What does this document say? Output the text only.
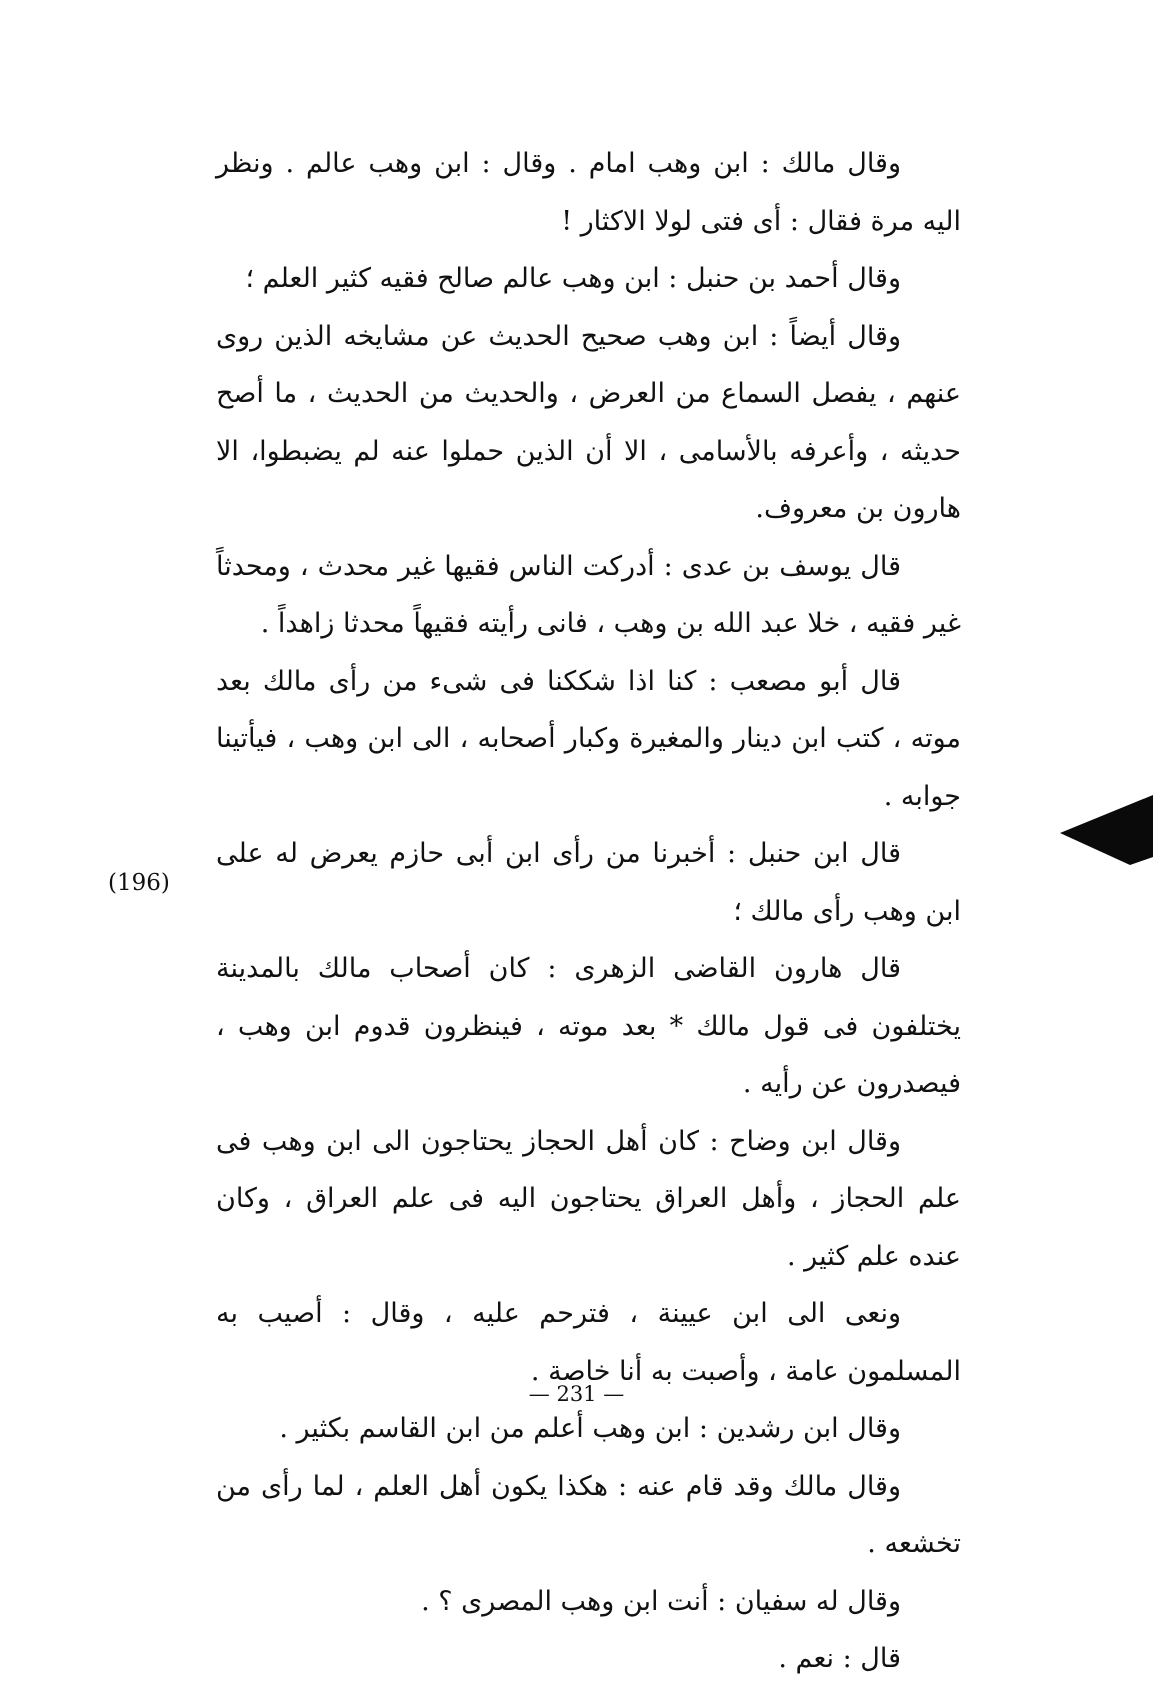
وقال مالك : ابن وهب امام . وقال : ابن وهب عالم . ونظر اليه مرة فقال : أى فتى لولا الاكثار !

وقال أحمد بن حنبل : ابن وهب عالم صالح فقيه كثير العلم ؛

وقال أيضاً : ابن وهب صحيح الحديث عن مشايخه الذين روى عنهم ، يفصل السماع من العرض ، والحديث من الحديث ، ما أصح حديثه ، وأعرفه بالأسامى ، الا أن الذين حملوا عنه لم يضبطوا، الا هارون بن معروف.

قال يوسف بن عدى : أدركت الناس فقيها غير محدث ، ومحدثاً غير فقيه ، خلا عبد الله بن وهب ، فانى رأيته فقيهاً محدثا زاهداً .

قال أبو مصعب : كنا اذا شككنا فى شىء من رأى مالك بعد موته ، كتب ابن دينار والمغيرة وكبار أصحابه ، الى ابن وهب ، فيأتينا جوابه .

قال ابن حنبل : أخبرنا من رأى ابن أبى حازم يعرض له على ابن وهب رأى مالك ؛

قال هارون القاضى الزهرى : كان أصحاب مالك بالمدينة يختلفون فى قول مالك * بعد موته ، فينظرون قدوم ابن وهب ، فيصدرون عن رأيه .

وقال ابن وضاح : كان أهل الحجاز يحتاجون الى ابن وهب فى علم الحجاز ، وأهل العراق يحتاجون اليه فى علم العراق ، وكان عنده علم كثير .

ونعى الى ابن عيينة ، فترحم عليه ، وقال : أصيب به المسلمون عامة ، وأصبت به أنا خاصة .

وقال ابن رشدين : ابن وهب أعلم من ابن القاسم بكثير .

وقال مالك وقد قام عنه : هكذا يكون أهل العلم ، لما رأى من تخشعه .

وقال له سفيان : أنت ابن وهب المصرى ؟ .

قال : نعم .

(196)
— 231 —
